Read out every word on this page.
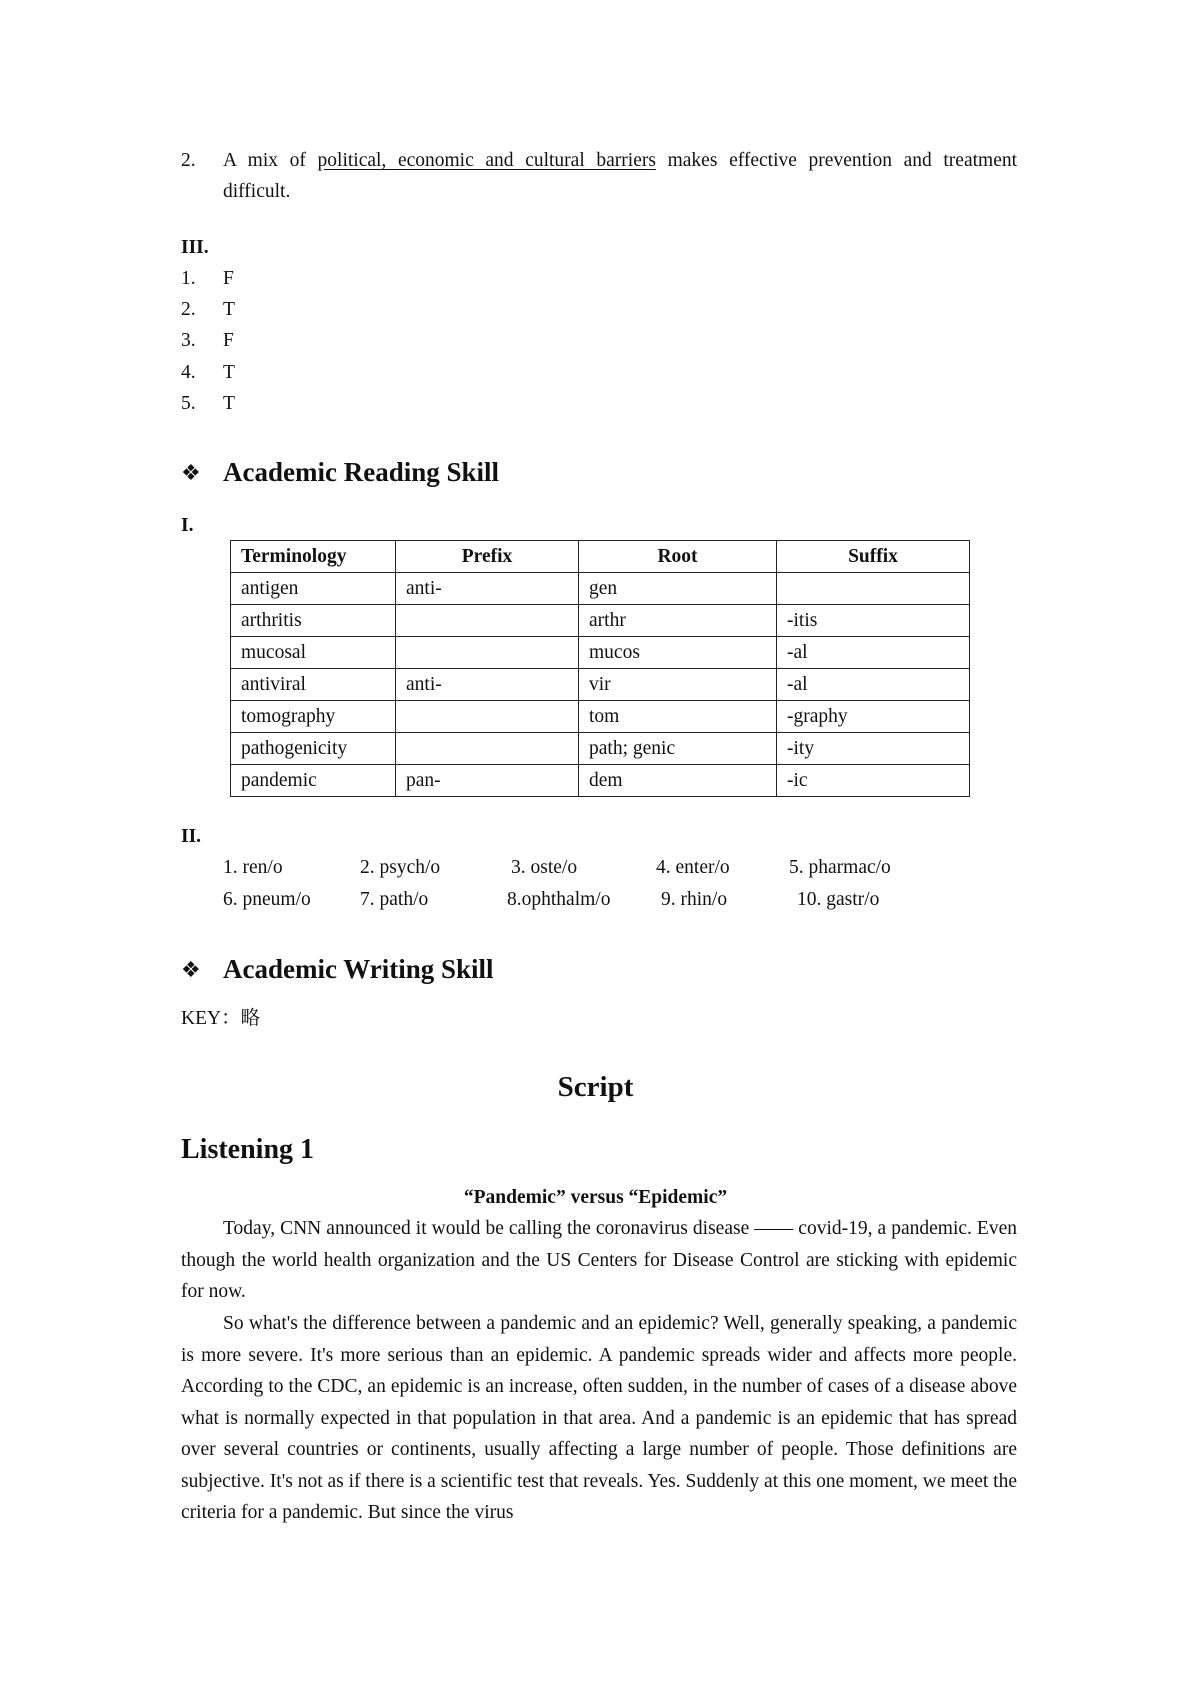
2. A mix of political, economic and cultural barriers makes effective prevention and treatment
difficult.
III.
1. F
2. T
3. F
4. T
5. T
❖ Academic Reading Skill
I.
Terminology	Prefix	Root	Suffix
antigen	anti-	gen	
arthritis		arthr	-itis
mucosal		mucos	-al
antiviral	anti-	vir	-al
tomography		tom	-graphy
pathogenicity		path; genic	-ity
pandemic	pan-	dem	-ic
II.
1. ren/o	2. psych/o	3. oste/o	4. enter/o	5. pharmac/o
6. pneum/o	7. path/o	8.ophthalm/o	9. rhin/o	10. gastr/o
❖ Academic Writing Skill
KEY：略
Script
Listening 1
“Pandemic” versus “Epidemic”
Today, CNN announced it would be calling the coronavirus disease —— covid-19, a pandemic. Even though the world health organization and the US Centers for Disease Control are sticking with epidemic for now.
So what's the difference between a pandemic and an epidemic? Well, generally speaking, a pandemic is more severe. It's more serious than an epidemic. A pandemic spreads wider and affects more people. According to the CDC, an epidemic is an increase, often sudden, in the number of cases of a disease above what is normally expected in that population in that area. And a pandemic is an epidemic that has spread over several countries or continents, usually affecting a large number of people. Those definitions are subjective. It's not as if there is a scientific test that reveals. Yes. Suddenly at this one moment, we meet the criteria for a pandemic. But since the virus
